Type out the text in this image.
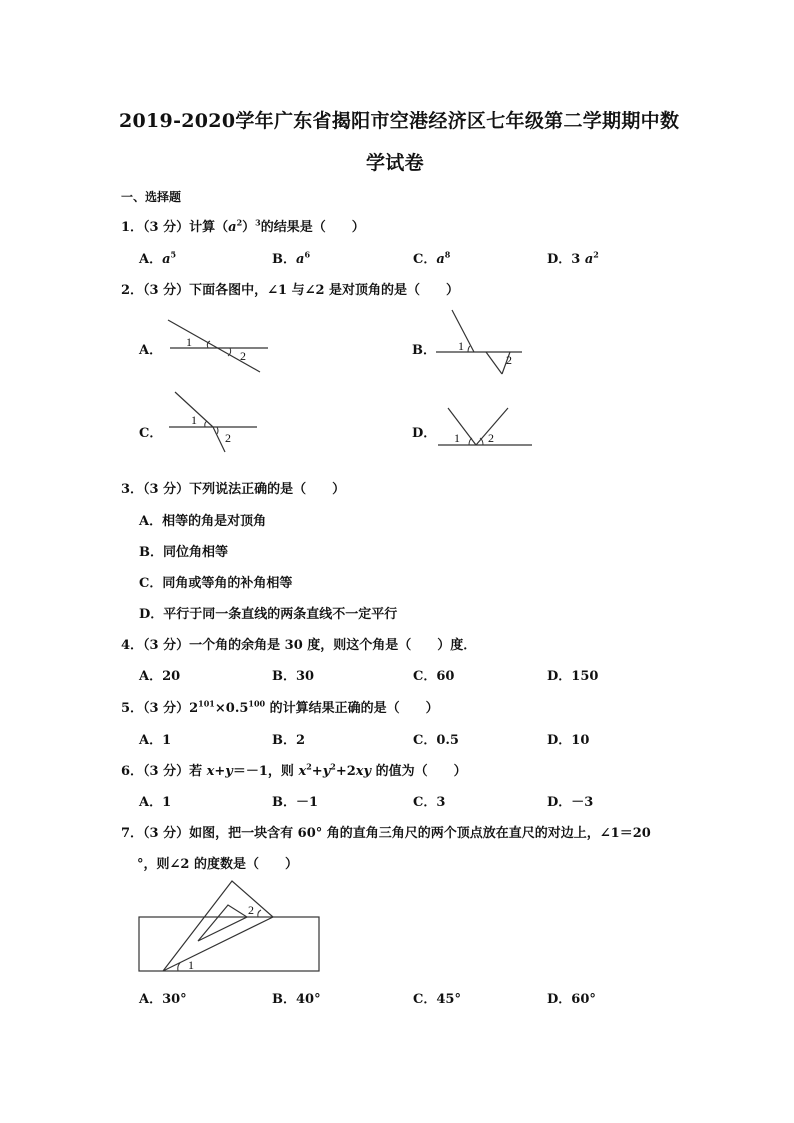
2019-2020学年广东省揭阳市空港经济区七年级第二学期期中数
学试卷
一、选择题
1．（3 分）计算$(a^2)^3$的结果是（　　）
A．$a^5$	B．$a^6$	C．$a^8$	D．3 $a^2$
2．（3 分）下面各图中，∠1 与∠2 是对顶角的是（　　）
A．
1
2	B． 1
2
C．
1
2	D． 1 2
3．（3 分）下列说法正确的是（　　）
A．相等的角是对顶角
B．同位角相等
C．同角或等角的补角相等
D．平行于同一条直线的两条直线不一定平行
4．（3 分）一个角的余角是 30 度，则这个角是（　　）度．
A．20	B．30	C．60	D．150
5．（3 分）$2^{101}\times 0.5^{100}$ 的计算结果正确的是（　　）
A．1	B．2	C．0.5	D．10
6．（3 分）若 x+y＝－1，则 $x^2+y^2+2xy$ 的值为（　　）
A．1	B．－1	C．3	D．－3
7．（3 分）如图，把一块含有 60° 角的直角三角尺的两个顶点放在直尺的对边上，∠1＝20
°，则∠2 的度数是（　　）
1
2
A．30°	B．40°	C．45°	D．60°
